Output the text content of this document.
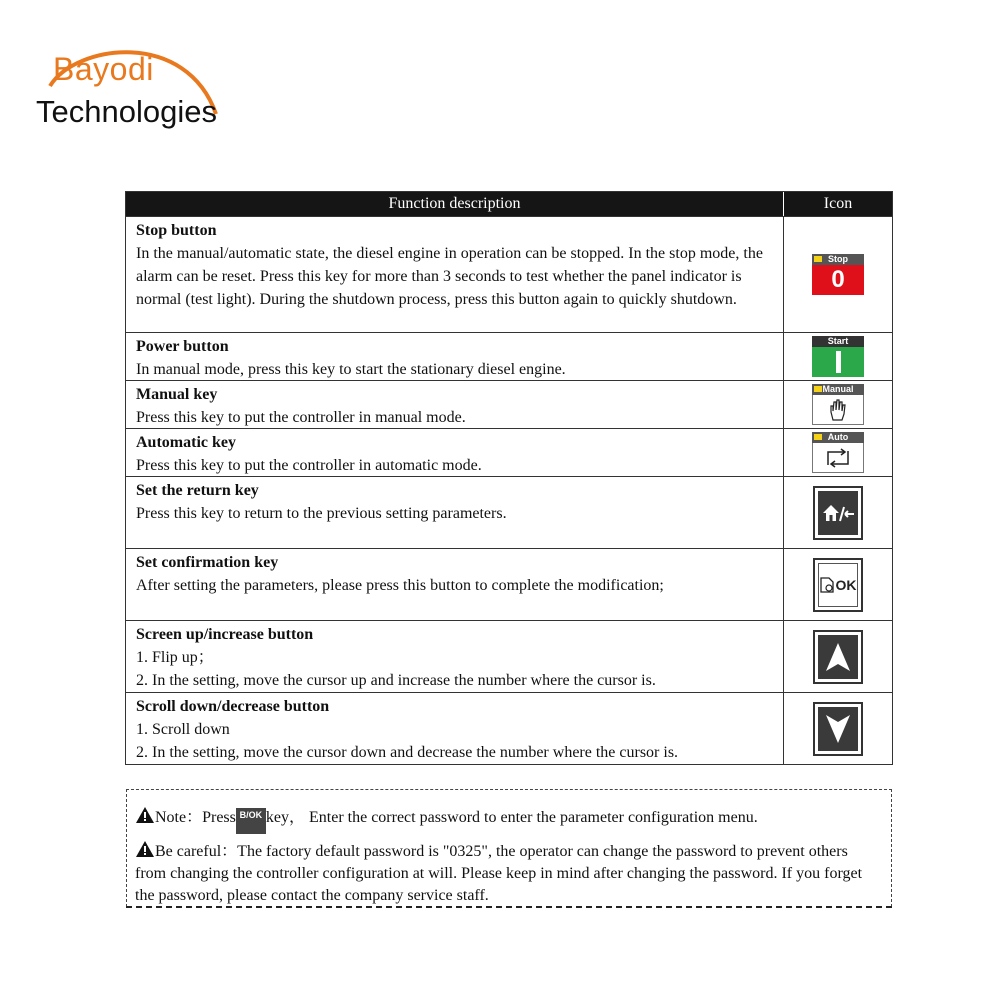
Bayodi
Technologies
Function description	Icon
Stop button
In the manual/automatic state, the diesel engine in operation can be stopped. In the stop mode, the alarm can be reset. Press this key for more than 3 seconds to test whether the panel indicator is normal (test light). During the shutdown process, press this button again to quickly shutdown.
Stop
0
Power button
In manual mode, press this key to start the stationary diesel engine.
Start
Manual key
Press this key to put the controller in manual mode.
Manual
Automatic key
Press this key to put the controller in automatic mode.
Auto
Set the return key
Press this key to return to the previous setting parameters.
Set confirmation key
After setting the parameters, please press this button to complete the modification;	OK
Screen up/increase button
1. Flip up；
2. In the setting, move the cursor up and increase the number where the cursor is.
Scroll down/decrease button
1. Scroll down
2. In the setting, move the cursor down and decrease the number where the cursor is.

Note：Press B/OK key， Enter the correct password to enter the parameter configuration menu.

Be careful：The factory default password is "0325", the operator can change the password to prevent others from changing the controller configuration at will. Please keep in mind after changing the password. If you forget the password, please contact the company service staff.
